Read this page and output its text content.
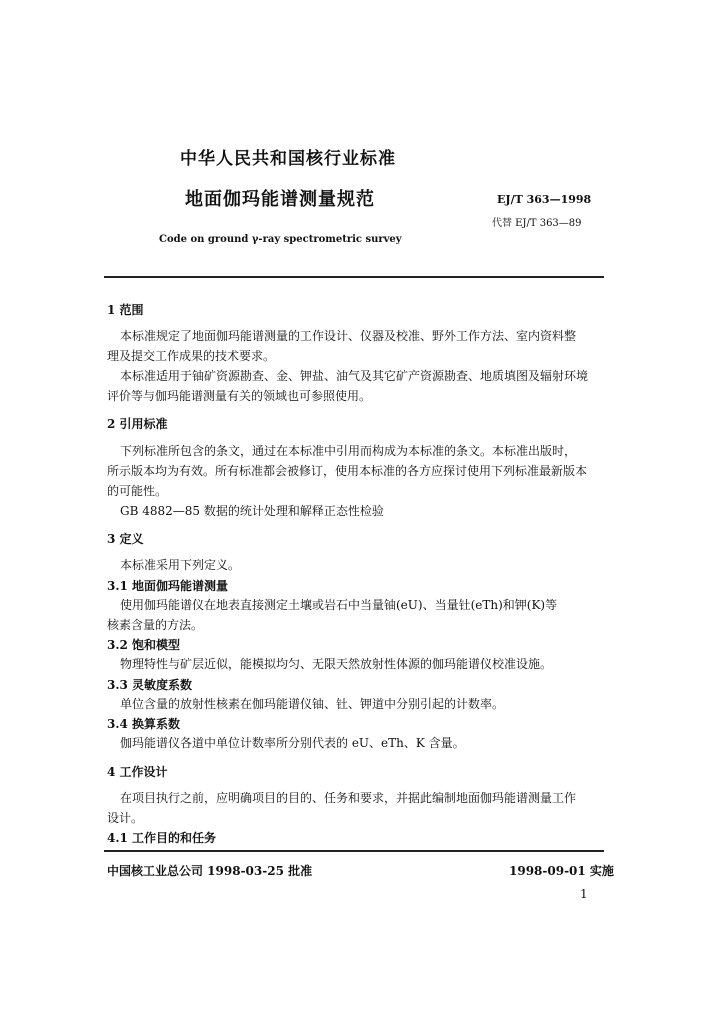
中华人民共和国核行业标准
地面伽玛能谱测量规范	EJ/T 363—1998
代替 EJ/T 363—89
Code on ground γ-ray spectrometric survey
1 范围
本标准规定了地面伽玛能谱测量的工作设计、仪器及校准、野外工作方法、室内资料整
理及提交工作成果的技术要求。
本标准适用于铀矿资源勘查、金、钾盐、油气及其它矿产资源勘查、地质填图及辐射环境
评价等与伽玛能谱测量有关的领域也可参照使用。
2 引用标准
下列标准所包含的条文，通过在本标准中引用而构成为本标准的条文。本标准出版时，
所示版本均为有效。所有标准都会被修订，使用本标准的各方应探讨使用下列标准最新版本
的可能性。
GB 4882—85 数据的统计处理和解释正态性检验
3 定义
本标准采用下列定义。
3.1 地面伽玛能谱测量
使用伽玛能谱仪在地表直接测定土壤或岩石中当量铀(eU)、当量钍(eTh)和钾(K)等
核素含量的方法。
3.2 饱和模型
物理特性与矿层近似，能模拟均匀、无限天然放射性体源的伽玛能谱仪校准设施。
3.3 灵敏度系数
单位含量的放射性核素在伽玛能谱仪铀、钍、钾道中分别引起的计数率。
3.4 换算系数
伽玛能谱仪各道中单位计数率所分别代表的 eU、eTh、K 含量。
4 工作设计
在项目执行之前，应明确项目的目的、任务和要求，并据此编制地面伽玛能谱测量工作
设计。
4.1 工作目的和任务
中国核工业总公司 1998-03-25 批准	1998-09-01 实施
1
